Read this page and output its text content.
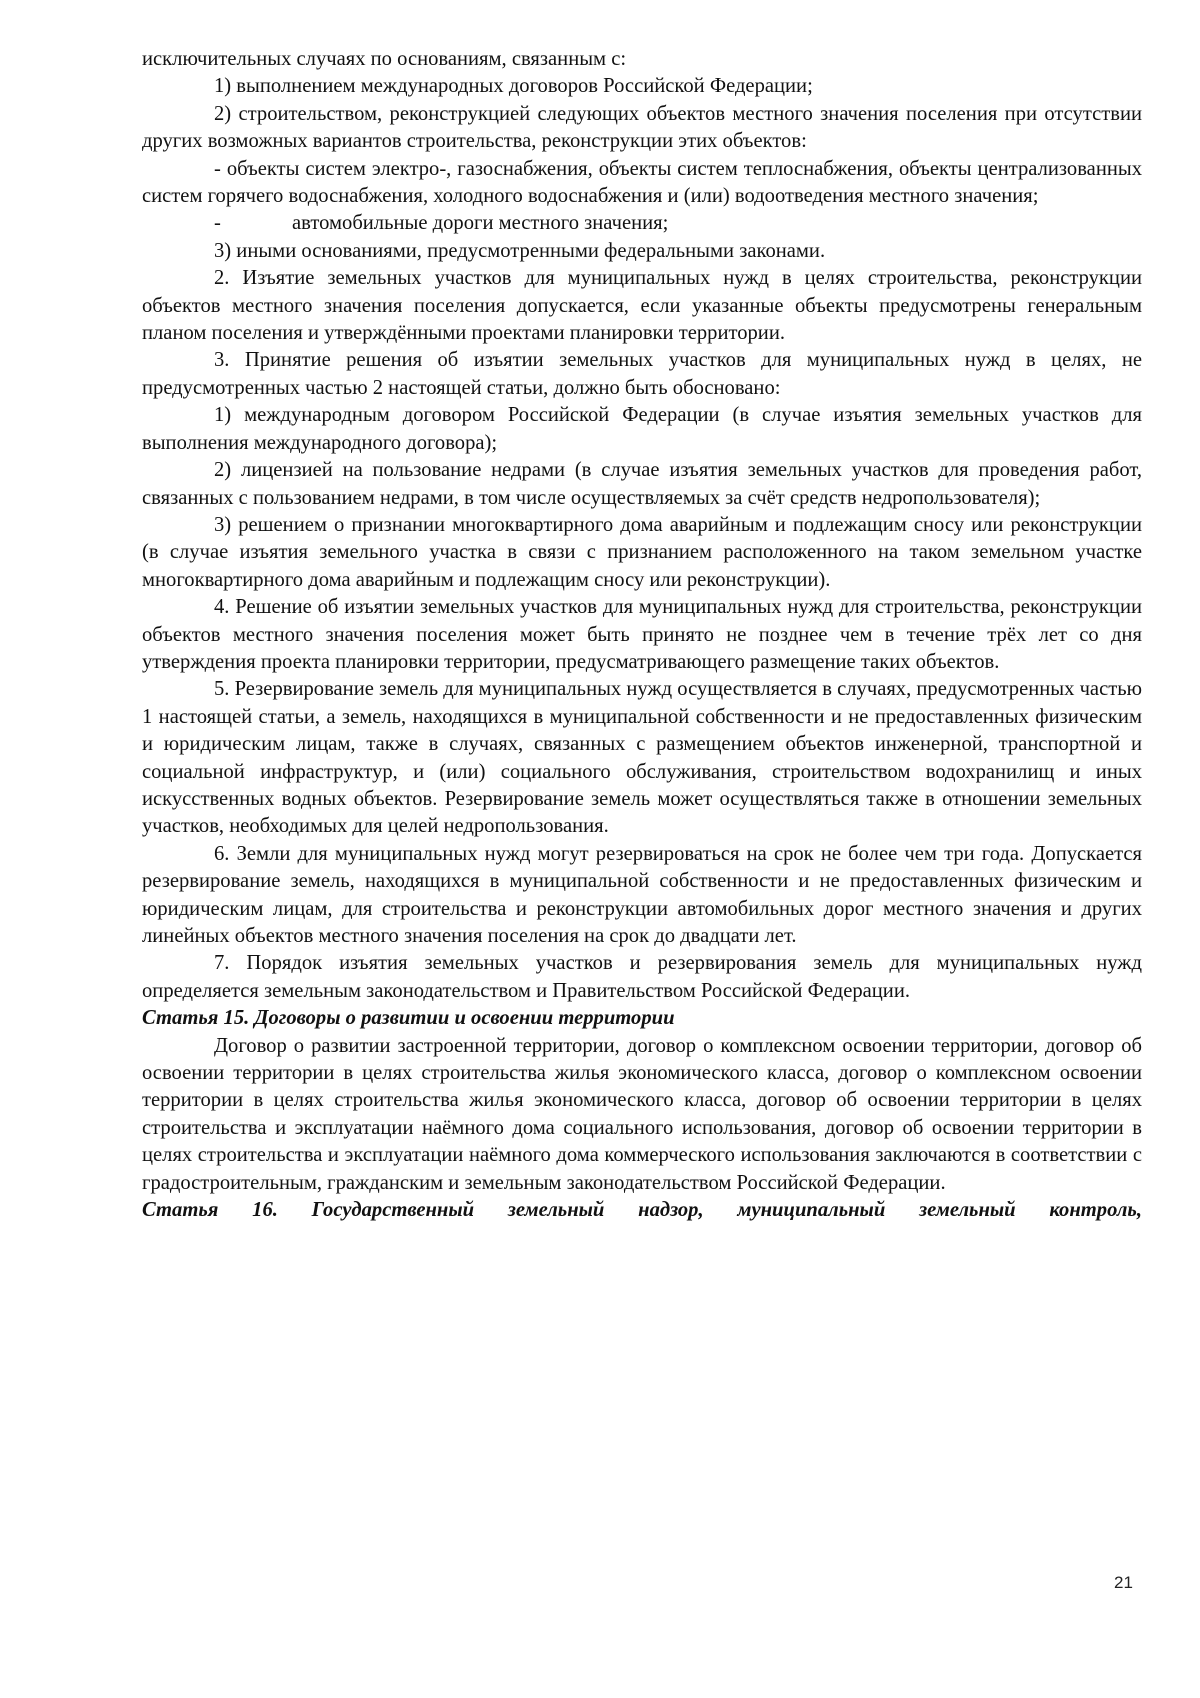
исключительных случаях по основаниям, связанным с:

1) выполнением международных договоров Российской Федерации;

2) строительством, реконструкцией следующих объектов местного значения поселения при отсутствии других возможных вариантов строительства, реконструкции этих объектов:

- объекты систем электро-, газоснабжения, объекты систем теплоснабжения, объекты централизованных систем горячего водоснабжения, холодного водоснабжения и (или) водоотведения местного значения;

-	автомобильные дороги местного значения;

3) иными основаниями, предусмотренными федеральными законами.

2. Изъятие земельных участков для муниципальных нужд в целях строительства, реконструкции объектов местного значения поселения допускается, если указанные объекты предусмотрены генеральным планом поселения и утверждёнными проектами планировки территории.

3. Принятие решения об изъятии земельных участков для муниципальных нужд в целях, не предусмотренных частью 2 настоящей статьи, должно быть обосновано:

1) международным договором Российской Федерации (в случае изъятия земельных участков для выполнения международного договора);

2) лицензией на пользование недрами (в случае изъятия земельных участков для проведения работ, связанных с пользованием недрами, в том числе осуществляемых за счёт средств недропользователя);

3) решением о признании многоквартирного дома аварийным и подлежащим сносу или реконструкции (в случае изъятия земельного участка в связи с признанием расположенного на таком земельном участке многоквартирного дома аварийным и подлежащим сносу или реконструкции).

4. Решение об изъятии земельных участков для муниципальных нужд для строительства, реконструкции объектов местного значения поселения может быть принято не позднее чем в течение трёх лет со дня утверждения проекта планировки территории, предусматривающего размещение таких объектов.

5. Резервирование земель для муниципальных нужд осуществляется в случаях, предусмотренных частью 1 настоящей статьи, а земель, находящихся в муниципальной собственности и не предоставленных физическим и юридическим лицам, также в случаях, связанных с размещением объектов инженерной, транспортной и социальной инфраструктур, и (или) социального обслуживания, строительством водохранилищ и иных искусственных водных объектов. Резервирование земель может осуществляться также в отношении земельных участков, необходимых для целей недропользования.

6. Земли для муниципальных нужд могут резервироваться на срок не более чем три года. Допускается резервирование земель, находящихся в муниципальной собственности и не предоставленных физическим и юридическим лицам, для строительства и реконструкции автомобильных дорог местного значения и других линейных объектов местного значения поселения на срок до двадцати лет.

7. Порядок изъятия земельных участков и резервирования земель для муниципальных нужд определяется земельным законодательством и Правительством Российской Федерации.

Статья 15. Договоры о развитии и освоении территории

Договор о развитии застроенной территории, договор о комплексном освоении территории, договор об освоении территории в целях строительства жилья экономического класса, договор о комплексном освоении территории в целях строительства жилья экономического класса, договор об освоении территории в целях строительства и эксплуатации наёмного дома социального использования, договор об освоении территории в целях строительства и эксплуатации наёмного дома коммерческого использования заключаются в соответствии с градостроительным, гражданским и земельным законодательством Российской Федерации.

Статья 16. Государственный земельный надзор, муниципальный земельный контроль,

21
